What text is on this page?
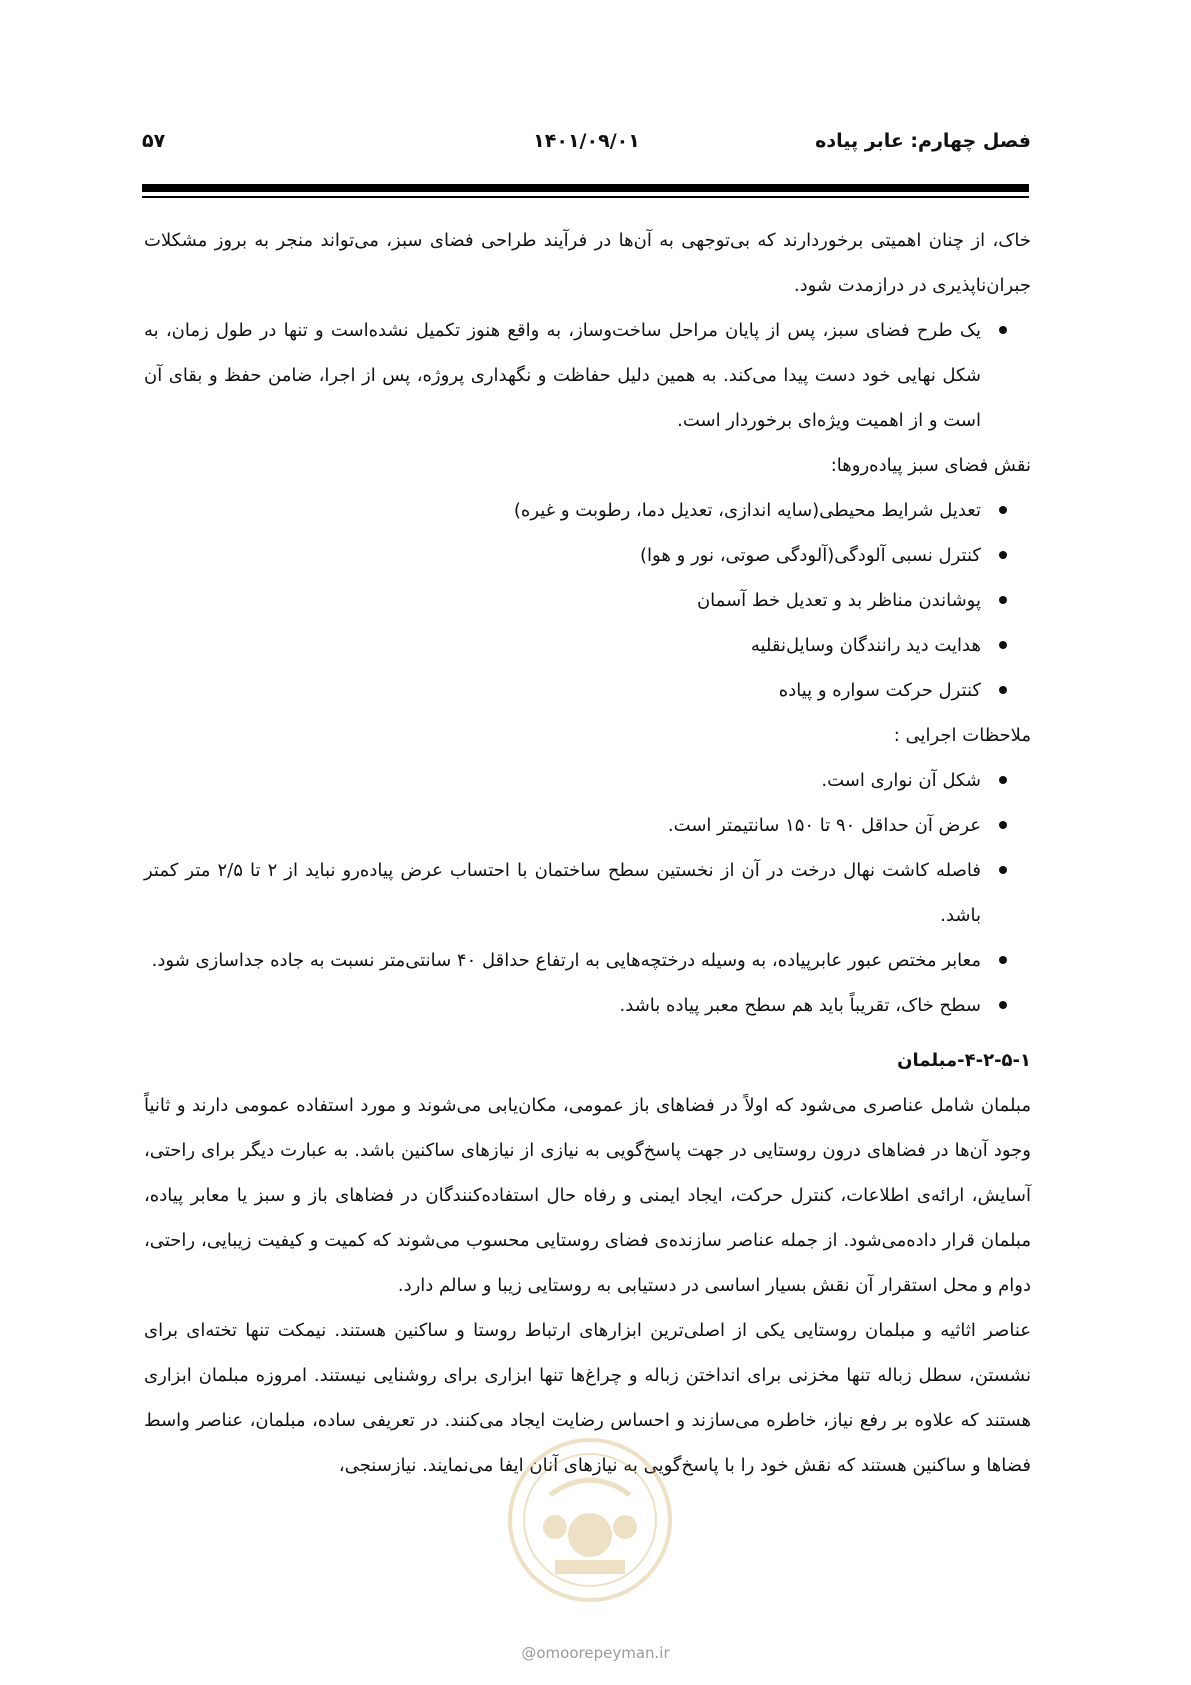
فصل چهارم: عابر پیاده
۱۴۰۱/۰۹/۰۱
۵۷

خاک، از چنان اهمیتی برخوردارند که بی‌توجهی به آن‌ها در فرآیند طراحی فضای سبز، می‌تواند منجر به بروز مشکلات جبران‌ناپذیری در درازمدت شود.

یک طرح فضای سبز، پس از پایان مراحل ساخت‌وساز، به واقع هنوز تکمیل نشده‌است و تنها در طول زمان، به شکل نهایی خود دست پیدا می‌کند. به همین دلیل حفاظت و نگهداری پروژه، پس از اجرا، ضامن حفظ و بقای آن است و از اهمیت ویژه‌ای برخوردار است.

نقش فضای سبز پیاده‌روها:

تعدیل شرایط محیطی(سایه اندازی، تعدیل دما، رطوبت و غیره)
کنترل نسبی آلودگی(آلودگی صوتی، نور و هوا)
پوشاندن مناظر بد و تعدیل خط آسمان
هدایت دید رانندگان وسایل‌نقلیه
کنترل حرکت سواره و پیاده

ملاحظات اجرایی :

شکل آن نواری است.
عرض آن حداقل ۹۰ تا ۱۵۰ سانتیمتر است.
فاصله کاشت نهال درخت در آن از نخستین سطح ساختمان با احتساب عرض پیاده‌رو نباید از ۲ تا ۲/۵ متر کمتر باشد.
معابر مختص عبور عابرپیاده، به وسیله درختچه‌هایی به ارتفاع حداقل ۴۰ سانتی‌متر نسبت به جاده جداسازی شود.
سطح خاک، تقریباً باید هم سطح معبر پیاده باشد.

۴-۲-۵-۱-مبلمان

مبلمان شامل عناصری می‌شود که اولاً در فضاهای باز عمومی، مکان‌یابی می‌شوند و مورد استفاده عمومی دارند و ثانیاً وجود آن‌ها در فضاهای درون روستایی در جهت پاسخ‌گویی به نیازی از نیازهای ساکنین باشد. به عبارت دیگر برای راحتی، آسایش، ارائه‌ی اطلاعات، کنترل حرکت، ایجاد ایمنی و رفاه حال استفاده‌کنندگان در فضاهای باز و سبز یا معابر پیاده، مبلمان قرار داده‌می‌شود. از جمله عناصر سازنده‌ی فضای روستایی محسوب می‌شوند که کمیت و کیفیت زیبایی، راحتی، دوام و محل استقرار آن نقش بسیار اساسی در دستیابی به روستایی زیبا و سالم دارد.

عناصر اثاثیه و مبلمان روستایی یکی از اصلی‌ترین ابزارهای ارتباط روستا و ساکنین هستند. نیمکت تنها تخته‌ای برای نشستن، سطل زباله تنها مخزنی برای انداختن زباله و چراغ‌ها تنها ابزاری برای روشنایی نیستند. امروزه مبلمان ابزاری هستند که علاوه بر رفع نیاز، خاطره می‌سازند و احساس رضایت ایجاد می‌کنند. در تعریفی ساده، مبلمان، عناصر واسط فضاها و ساکنین هستند که نقش خود را با پاسخ‌گویی به نیازهای آنان ایفا می‌نمایند. نیازسنجی،

@omoorepeyman.ir
